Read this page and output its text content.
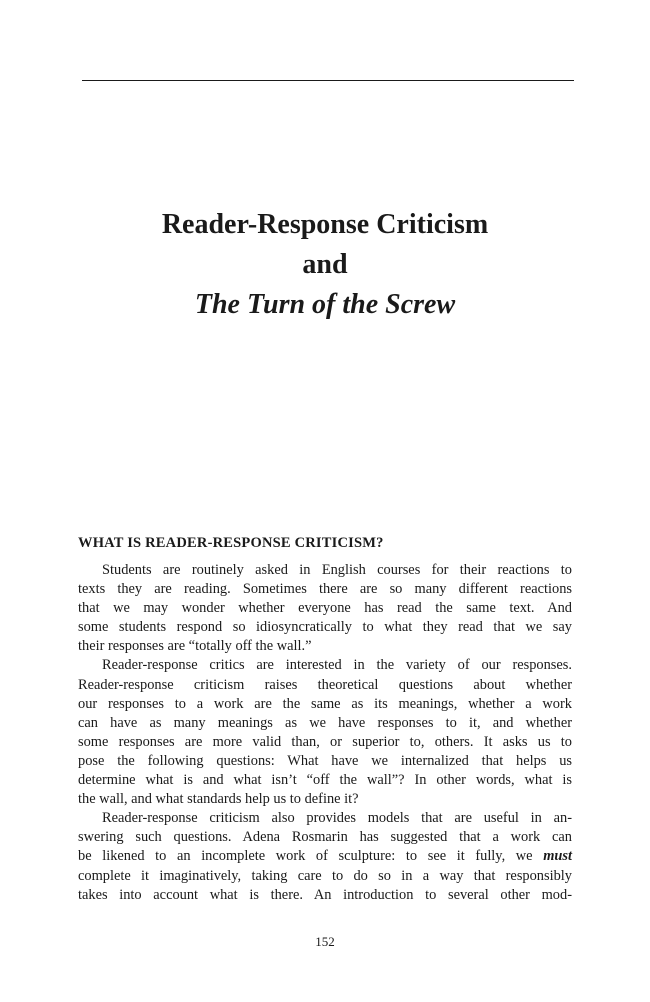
Reader-Response Criticism

and

The Turn of the Screw

WHAT IS READER-RESPONSE CRITICISM?

Students are routinely asked in English courses for their reactions to
texts they are reading. Sometimes there are so many different reactions
that we may wonder whether everyone has read the same text. And
some students respond so idiosyncratically to what they read that we say
their responses are “totally off the wall.”

Reader-response critics are interested in the variety of our responses.
Reader-response criticism raises theoretical questions about whether
our responses to a work are the same as its meanings, whether a work
can have as many meanings as we have responses to it, and whether
some responses are more valid than, or superior to, others. It asks us to
pose the following questions: What have we internalized that helps us
determine what is and what isn’t “off the wall”? In other words, what is
the wall, and what standards help us to define it?

Reader-response criticism also provides models that are useful in an-
swering such questions. Adena Rosmarin has suggested that a work can
be likened to an incomplete work of sculpture: to see it fully, we must
complete it imaginatively, taking care to do so in a way that responsibly
takes into account what is there. An introduction to several other mod-

152
